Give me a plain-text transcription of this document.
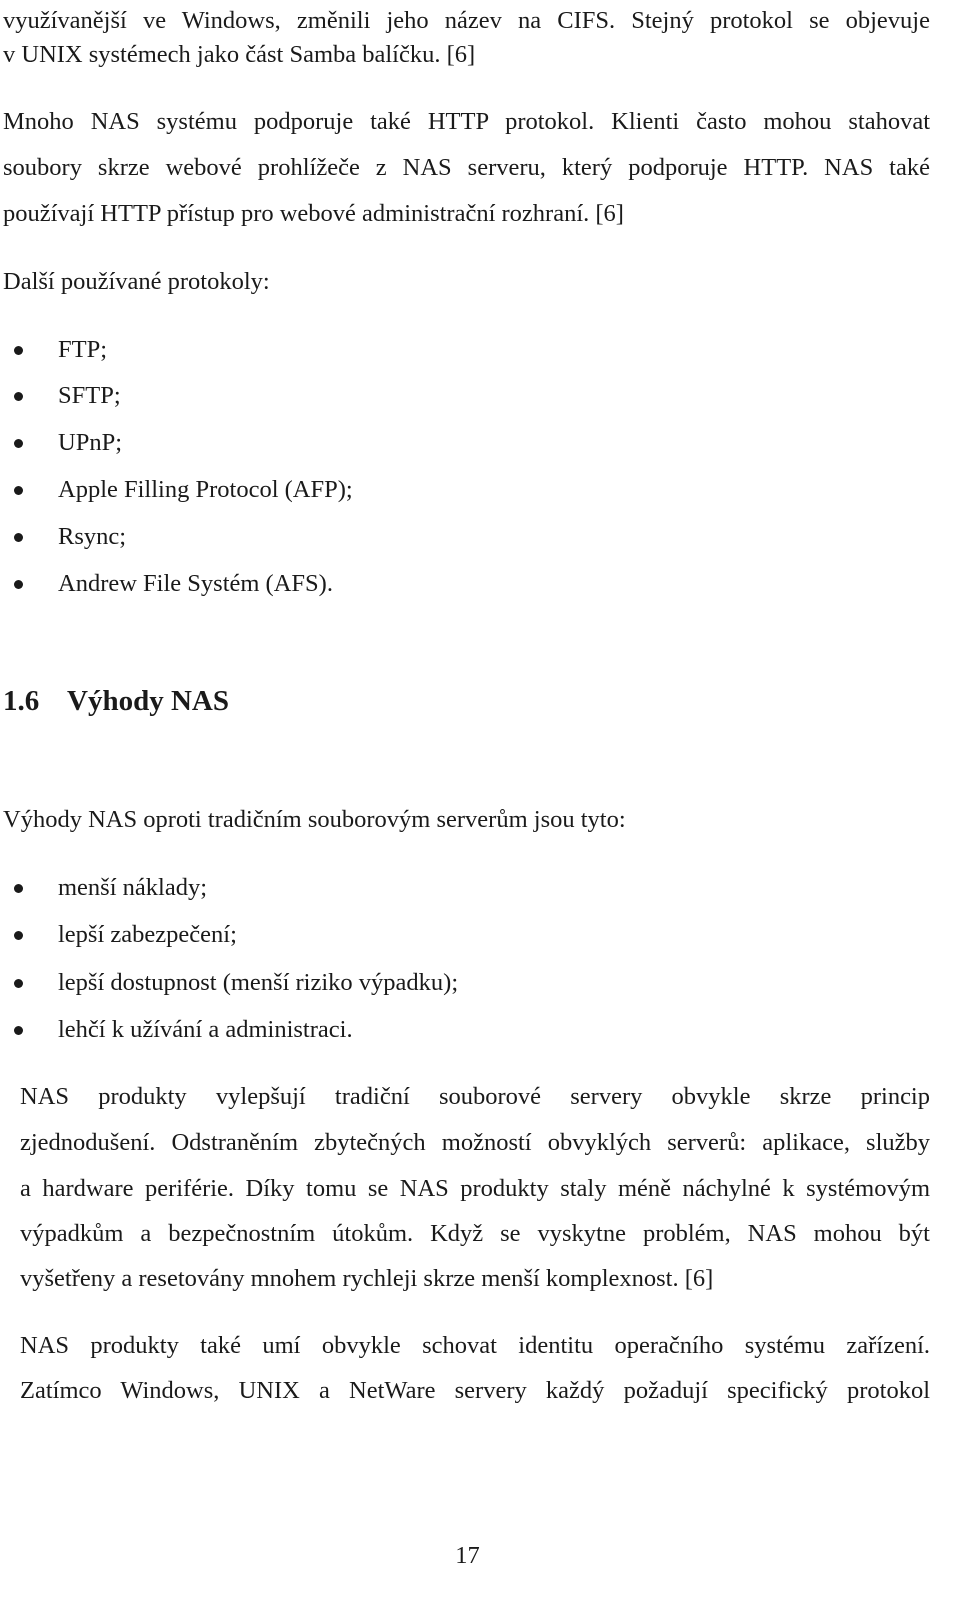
využívanější ve Windows, změnili jeho název na CIFS. Stejný protokol se objevuje
v UNIX systémech jako část Samba balíčku. [6]
Mnoho NAS systému podporuje také HTTP protokol. Klienti často mohou stahovat
soubory skrze webové prohlížeče z NAS serveru, který podporuje HTTP. NAS také
používají HTTP přístup pro webové administrační rozhraní. [6]
Další používané protokoly:
FTP;
SFTP;
UPnP;
Apple Filling Protocol (AFP);
Rsync;
Andrew File Systém (AFS).
1.6 Výhody NAS
Výhody NAS oproti tradičním souborovým serverům jsou tyto:
menší náklady;
lepší zabezpečení;
lepší dostupnost (menší riziko výpadku);
lehčí k užívání a administraci.
NAS produkty vylepšují tradiční souborové servery obvykle skrze princip
zjednodušení. Odstraněním zbytečných možností obvyklých serverů: aplikace, služby
a hardware periférie. Díky tomu se NAS produkty staly méně náchylné k systémovým
výpadkům a bezpečnostním útokům. Když se vyskytne problém, NAS mohou být
vyšetřeny a resetovány mnohem rychleji skrze menší komplexnost. [6]
NAS produkty také umí obvykle schovat identitu operačního systému zařízení.
Zatímco Windows, UNIX a NetWare servery každý požadují specifický protokol
17
